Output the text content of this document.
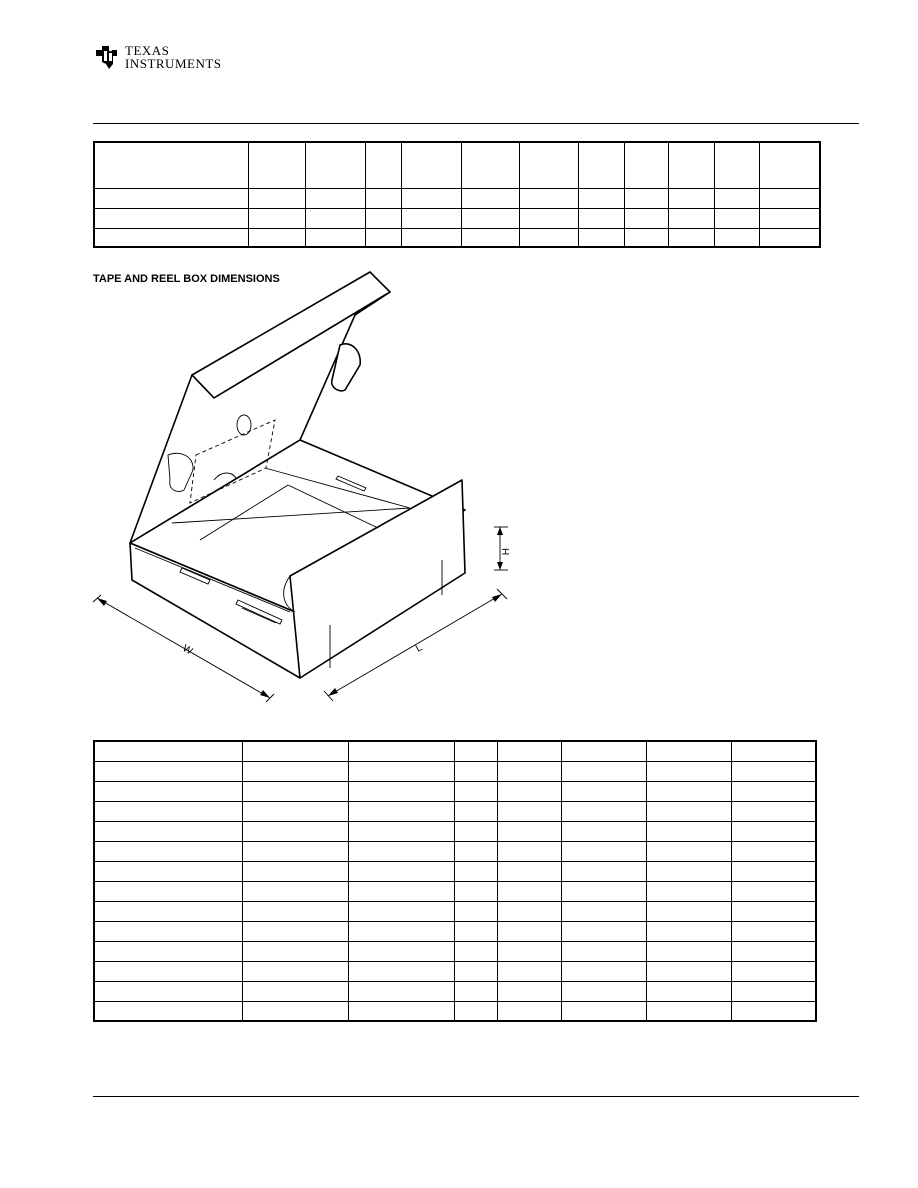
TEXAS
INSTRUMENTS

TAPE AND REEL BOX DIMENSIONS
W	L
H
